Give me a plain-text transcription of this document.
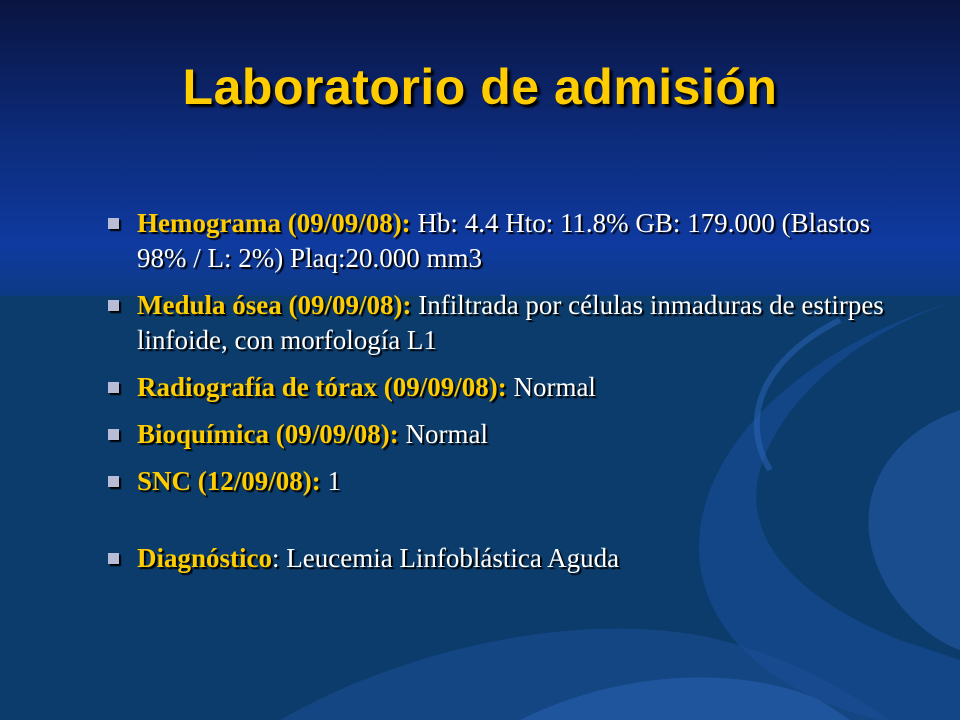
Laboratorio de admisión
Hemograma (09/09/08): Hb: 4.4 Hto: 11.8% GB: 179.000 (Blastos 98% / L: 2%) Plaq:20.000 mm3
Medula ósea (09/09/08): Infiltrada por células inmaduras de estirpes linfoide, con morfología L1
Radiografía de tórax (09/09/08): Normal
Bioquímica (09/09/08): Normal
SNC (12/09/08): 1
Diagnóstico: Leucemia Linfoblástica Aguda
